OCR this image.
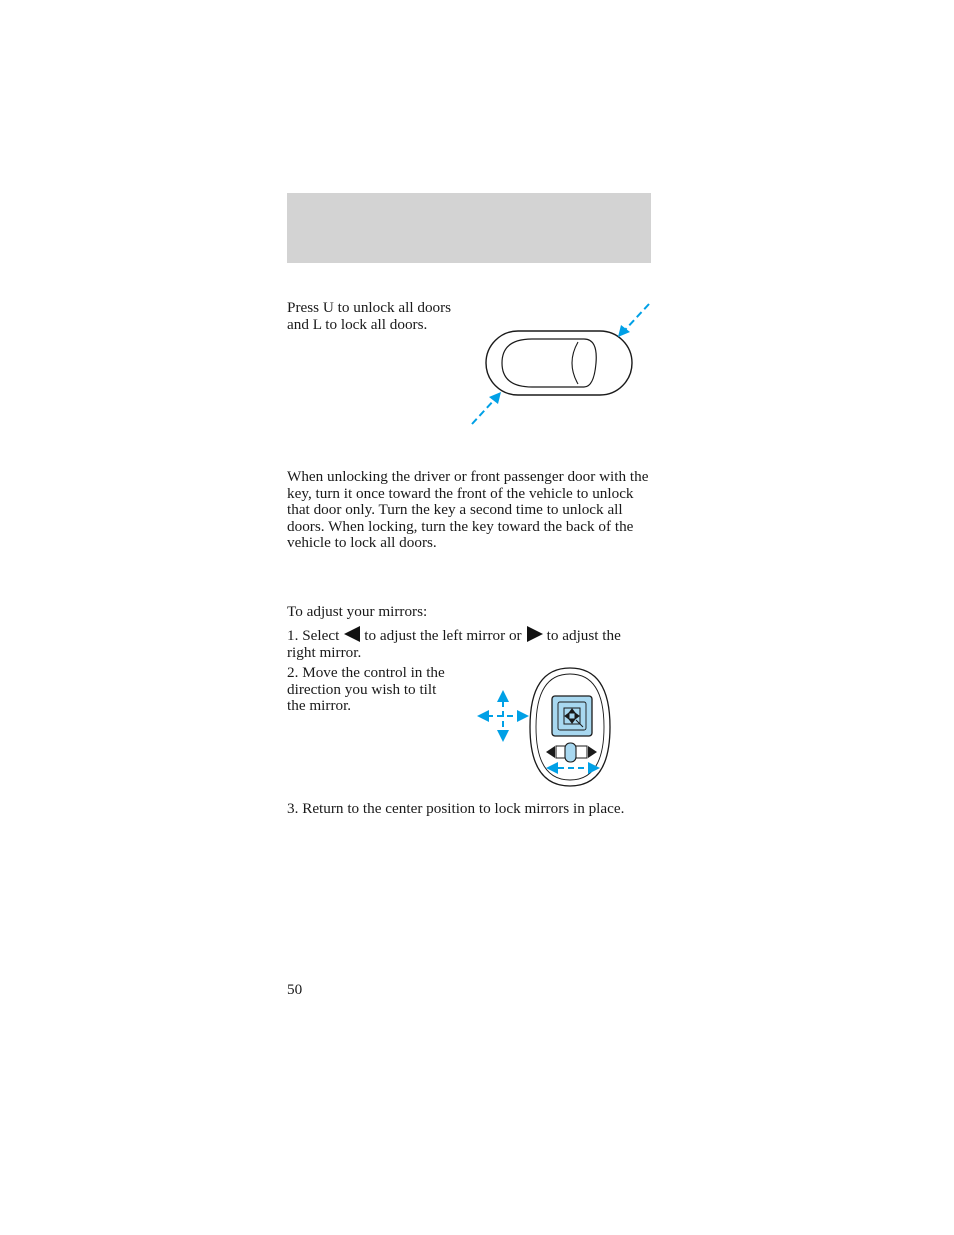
Press U to unlock all doors and L to lock all doors.

When unlocking the driver or front passenger door with the key, turn it once toward the front of the vehicle to unlock that door only. Turn the key a second time to unlock all doors. When locking, turn the key toward the back of the vehicle to lock all doors.

To adjust your mirrors:

1. Select to adjust the left mirror or to adjust the right mirror.

2. Move the control in the direction you wish to tilt the mirror.

3. Return to the center position to lock mirrors in place.

50
